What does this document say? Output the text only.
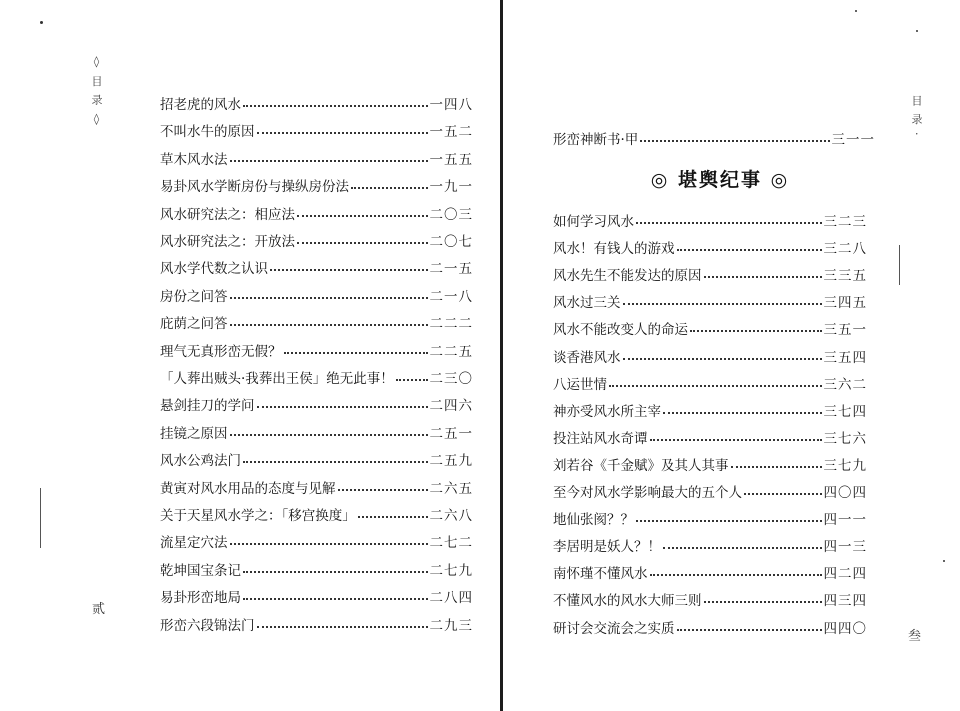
◊ 目 录 ◊	招老虎的风水	一四八
不叫水牛的原因	一五二
草木风水法	一五五
易卦风水学断房份与操纵房份法	一九一
风水研究法之：相应法	二〇三
风水研究法之：开放法	二〇七
风水学代数之认识	二一五
房份之问答	二一八
庇荫之问答	二二二
理气无真形峦无假？	二二五
「人葬出贼头·我葬出王侯」绝无此事！	二三〇
悬剑挂刀的学问	二四六
挂镜之原因	二五一
风水公鸡法门	二五九
黄寅对风水用品的态度与见解	二六五
关于天星风水学之：「移宫换度」	二六八
流星定穴法	二七二
乾坤国宝条记	二七九
易卦形峦地局	二八四
形峦六段锦法门	二九三
贰
目 录 ·
叁
形峦神断书·甲	三一一
◎ 堪舆纪事 ◎
如何学习风水	三二三
风水！有钱人的游戏	三二八
风水先生不能发达的原因	三三五
风水过三关	三四五
风水不能改变人的命运	三五一
谈香港风水	三五四
八运世情	三六二
神亦受风水所主宰	三七四
投注站风水奇谭	三七六
刘若谷《千金赋》及其人其事	三七九
至今对风水学影响最大的五个人	四〇四
地仙张阂？？	四一一
李居明是妖人？！	四一三
南怀瑾不懂风水	四二四
不懂风水的风水大师三则	四三四
研讨会交流会之实质	四四〇
